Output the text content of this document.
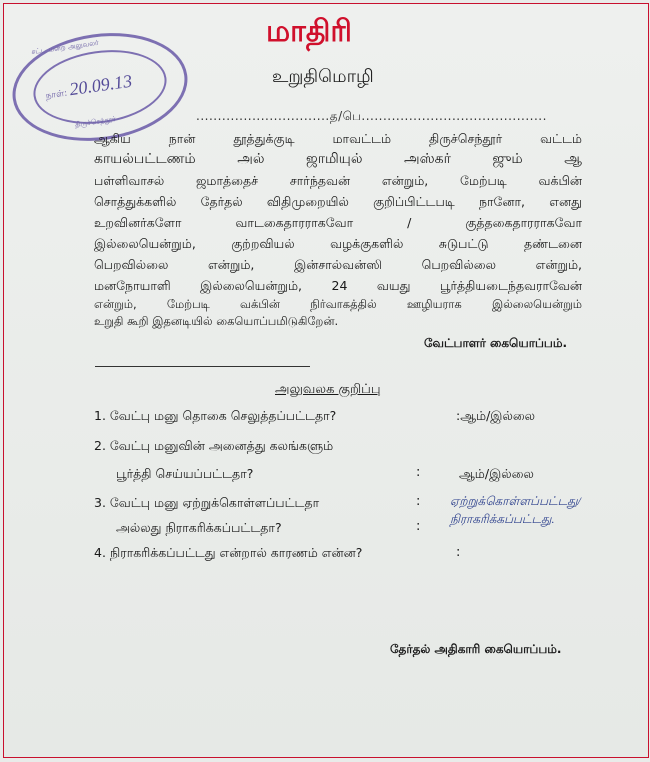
மாதிரி
உறுதிமொழி
சட்ட மன்ற அலுவலர்
நாள்: 20.09.13
திருச்செந்தூர்	...............................த/பெ...........................................
ஆகிய நான் தூத்துக்குடி மாவட்டம் திருச்செந்தூர் வட்டம்
காயல்பட்டணம் அல் ஜாமியுல் அஸ்கர் ஜும் ஆ
பள்ளிவாசல் ஜமாத்தைச் சார்ந்தவன் என்றும், மேற்படி வக்பின்
சொத்துக்களில் தேர்தல் விதிமுறையில் குறிப்பிட்டபடி நானோ, எனது
உறவினர்களோ வாடகைதாரராகவோ / குத்தகைதாரராகவோ
இல்லையென்றும், குற்றவியல் வழக்குகளில் சுடுபட்டு தண்டனை
பெறவில்லை என்றும், இன்சால்வன்ஸி பெறவில்லை என்றும்,
மனநோயாளி இல்லையென்றும், 24 வயது பூர்த்தியடைந்தவராவேன்
என்றும், மேற்படி வக்பின் நிர்வாகத்தில் ஊழியராக இல்லையென்றும்
உறுதி கூறி இதனடியில் கையொப்பமிடுகிறேன்.
வேட்பாளர் கையொப்பம்.
அலுவலக குறிப்பு
1. வேட்பு மனு தொகை செலுத்தப்பட்டதா?	:ஆம்/இல்லை
2. வேட்பு மனுவின் அனைத்து கலங்களும்
பூர்த்தி செய்யப்பட்டதா?	:	ஆம்/இல்லை
3. வேட்பு மனு ஏற்றுக்கொள்ளப்பட்டதா	:
அல்லது நிராகரிக்கப்பட்டதா?	:
ஏற்றுக்கொள்ளப்பட்டது/
நிராகரிக்கப்பட்டது.
4. நிராகரிக்கப்பட்டது என்றால் காரணம் என்ன?	:
தேர்தல் அதிகாரி கையொப்பம்.
